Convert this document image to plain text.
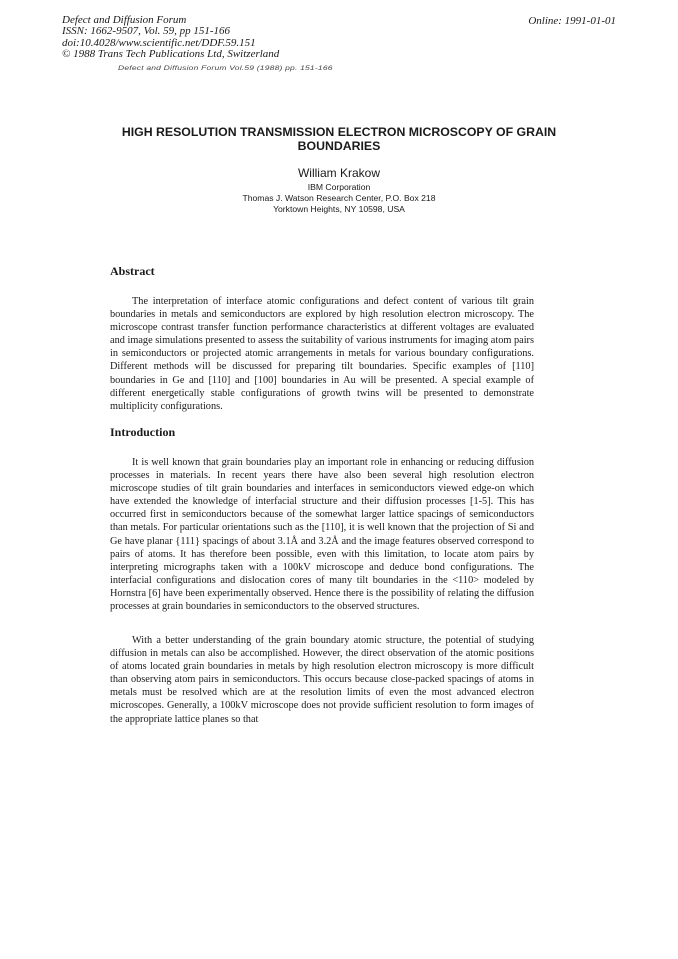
Defect and Diffusion Forum
ISSN: 1662-9507, Vol. 59, pp 151-166
doi:10.4028/www.scientific.net/DDF.59.151
© 1988 Trans Tech Publications Ltd, Switzerland
Online: 1991-01-01
Defect and Diffusion Forum Vol.59 (1988) pp. 151-166
HIGH RESOLUTION TRANSMISSION ELECTRON MICROSCOPY OF GRAIN BOUNDARIES
William Krakow
IBM Corporation
Thomas J. Watson Research Center, P.O. Box 218
Yorktown Heights, NY 10598, USA
Abstract

The interpretation of interface atomic configurations and defect content of various tilt grain boundaries in metals and semiconductors are explored by high resolution electron microscopy. The microscope contrast transfer function performance characteristics at different voltages are evaluated and image simulations presented to assess the suitability of various instruments for imaging atom pairs in semiconductors or projected atomic arrangements in metals for various boundary configurations. Different methods will be discussed for preparing tilt boundaries. Specific examples of [110] boundaries in Ge and [110] and [100] boundaries in Au will be presented. A special example of different energetically stable configurations of growth twins will be presented to demonstrate multiplicity configurations.

Introduction

It is well known that grain boundaries play an important role in enhancing or reducing diffusion processes in materials. In recent years there have also been several high resolution electron microscope studies of tilt grain boundaries and interfaces in semiconductors viewed edge-on which have extended the knowledge of interfacial structure and their diffusion processes [1-5]. This has occurred first in semiconductors because of the somewhat larger lattice spacings of semiconductors than metals. For particular orientations such as the [110], it is well known that the projection of Si and Ge have planar {111} spacings of about 3.1Å and 3.2Å and the image features observed correspond to pairs of atoms. It has therefore been possible, even with this limitation, to locate atom pairs by interpreting micrographs taken with a 100kV microscope and deduce bond configurations. The interfacial configurations and dislocation cores of many tilt boundaries in the <110> modeled by Hornstra [6] have been experimentally observed. Hence there is the possibility of relating the diffusion processes at grain boundaries in semiconductors to the observed structures.

With a better understanding of the grain boundary atomic structure, the potential of studying diffusion in metals can also be accomplished. However, the direct observation of the atomic positions of atoms located grain boundaries in metals by high resolution electron microscopy is more difficult than observing atom pairs in semiconductors. This occurs because close-packed spacings of atoms in metals must be resolved which are at the resolution limits of even the most advanced electron microscopes. Generally, a 100kV microscope does not provide sufficient resolution to form images of the appropriate lattice planes so that
